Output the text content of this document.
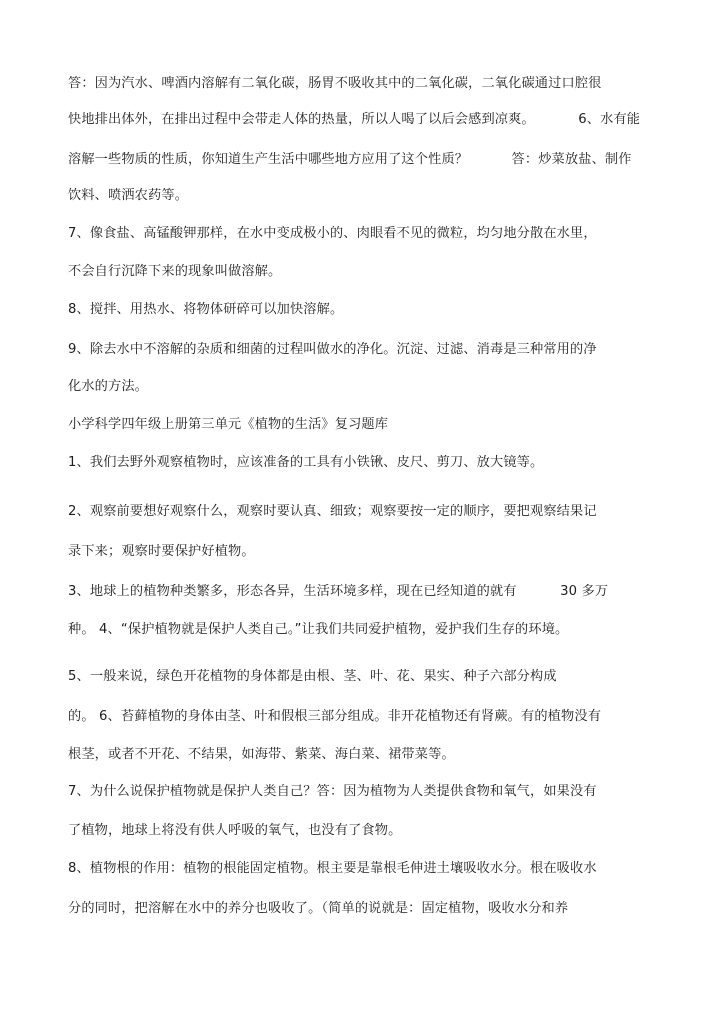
答：因为汽水、啤酒内溶解有二氧化碳，肠胃不吸收其中的二氧化碳，二氧化碳通过口腔很
快地排出体外，在排出过程中会带走人体的热量，所以人喝了以后会感到凉爽。          6、水有能
溶解一些物质的性质，你知道生产生活中哪些地方应用了这个性质？          答：炒菜放盐、制作
饮料、喷洒农药等。
7、像食盐、高锰酸钾那样，在水中变成极小的、肉眼看不见的微粒，均匀地分散在水里，
不会自行沉降下来的现象叫做溶解。
8、搅拌、用热水、将物体研碎可以加快溶解。
9、除去水中不溶解的杂质和细菌的过程叫做水的净化。沉淀、过滤、消毒是三种常用的净
化水的方法。
小学科学四年级上册第三单元《植物的生活》复习题库
1、我们去野外观察植物时，应该准备的工具有小铁锹、皮尺、剪刀、放大镜等。
2、观察前要想好观察什么，观察时要认真、细致；观察要按一定的顺序，要把观察结果记
录下来；观察时要保护好植物。
3、地球上的植物种类繁多，形态各异，生活环境多样，现在已经知道的就有          30 多万
种。 4、“保护植物就是保护人类自己。”让我们共同爱护植物，爱护我们生存的环境。
5、一般来说，绿色开花植物的身体都是由根、茎、叶、花、果实、种子六部分构成
的。 6、苔藓植物的身体由茎、叶和假根三部分组成。非开花植物还有肾蕨。有的植物没有
根茎，或者不开花、不结果，如海带、紫菜、海白菜、裙带菜等。
7、为什么说保护植物就是保护人类自己？答：因为植物为人类提供食物和氧气，如果没有
了植物，地球上将没有供人呼吸的氧气，也没有了食物。
8、植物根的作用：植物的根能固定植物。根主要是靠根毛伸进土壤吸收水分。根在吸收水
分的同时，把溶解在水中的养分也吸收了。（简单的说就是：固定植物，吸收水分和养
